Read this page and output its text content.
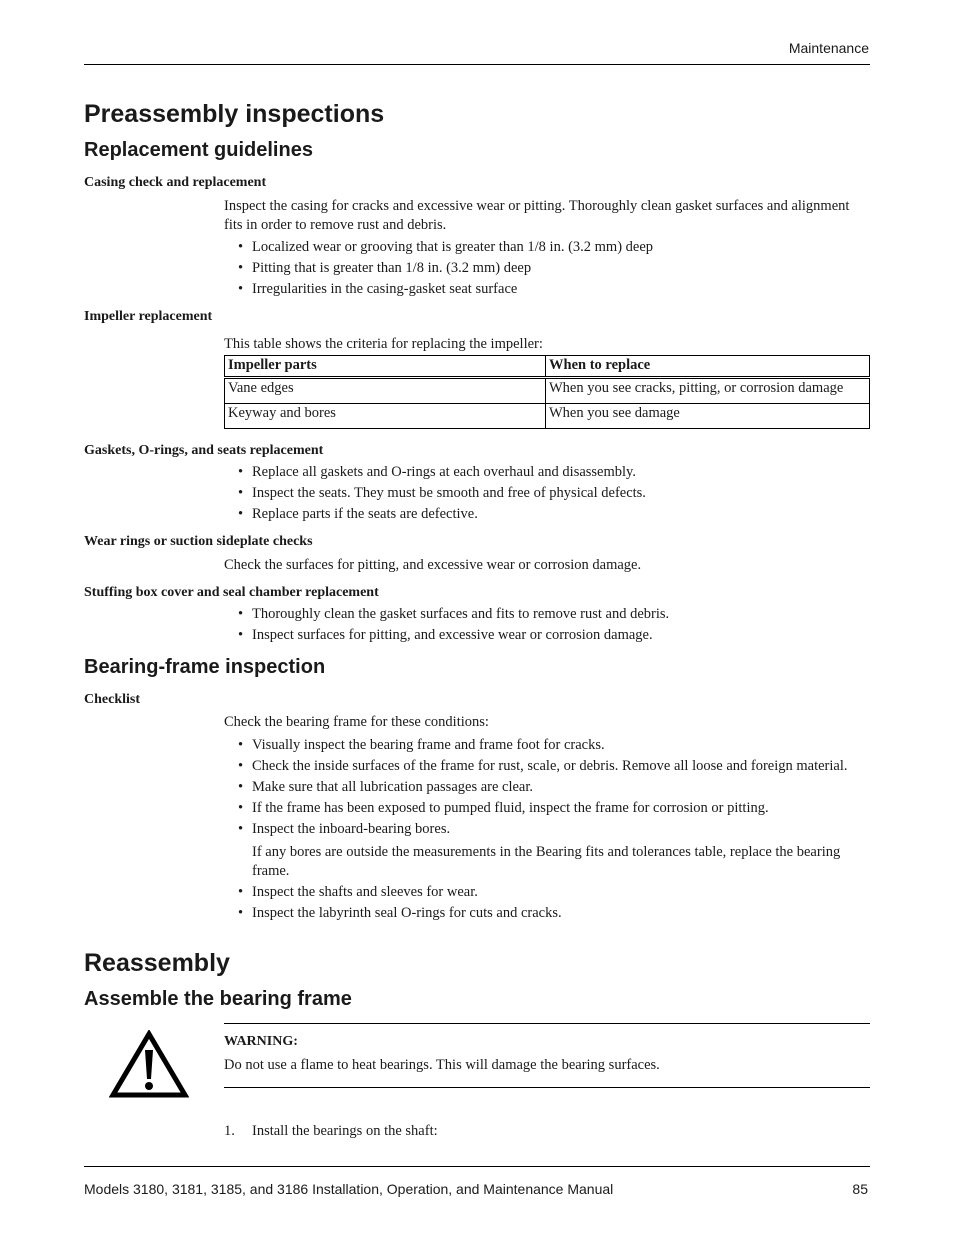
Maintenance
Preassembly inspections
Replacement guidelines
Casing check and replacement
Inspect the casing for cracks and excessive wear or pitting. Thoroughly clean gasket surfaces and alignment fits in order to remove rust and debris.
• Localized wear or grooving that is greater than 1/8 in. (3.2 mm) deep
• Pitting that is greater than 1/8 in. (3.2 mm) deep
• Irregularities in the casing-gasket seat surface
Impeller replacement
This table shows the criteria for replacing the impeller:
Impeller parts	When to replace
Vane edges	When you see cracks, pitting, or corrosion damage
Keyway and bores	When you see damage
Gaskets, O-rings, and seats replacement
• Replace all gaskets and O-rings at each overhaul and disassembly.
• Inspect the seats. They must be smooth and free of physical defects.
• Replace parts if the seats are defective.
Wear rings or suction sideplate checks
Check the surfaces for pitting, and excessive wear or corrosion damage.
Stuffing box cover and seal chamber replacement
• Thoroughly clean the gasket surfaces and fits to remove rust and debris.
• Inspect surfaces for pitting, and excessive wear or corrosion damage.
Bearing-frame inspection
Checklist
Check the bearing frame for these conditions:
• Visually inspect the bearing frame and frame foot for cracks.
• Check the inside surfaces of the frame for rust, scale, or debris. Remove all loose and foreign material.
• Make sure that all lubrication passages are clear.
• If the frame has been exposed to pumped fluid, inspect the frame for corrosion or pitting.
• Inspect the inboard-bearing bores.
If any bores are outside the measurements in the Bearing fits and tolerances table, replace the bearing frame.
• Inspect the shafts and sleeves for wear.
• Inspect the labyrinth seal O-rings for cuts and cracks.
Reassembly
Assemble the bearing frame
WARNING:
Do not use a flame to heat bearings. This will damage the bearing surfaces.
1. Install the bearings on the shaft:
Models 3180, 3181, 3185, and 3186 Installation, Operation, and Maintenance Manual	85
